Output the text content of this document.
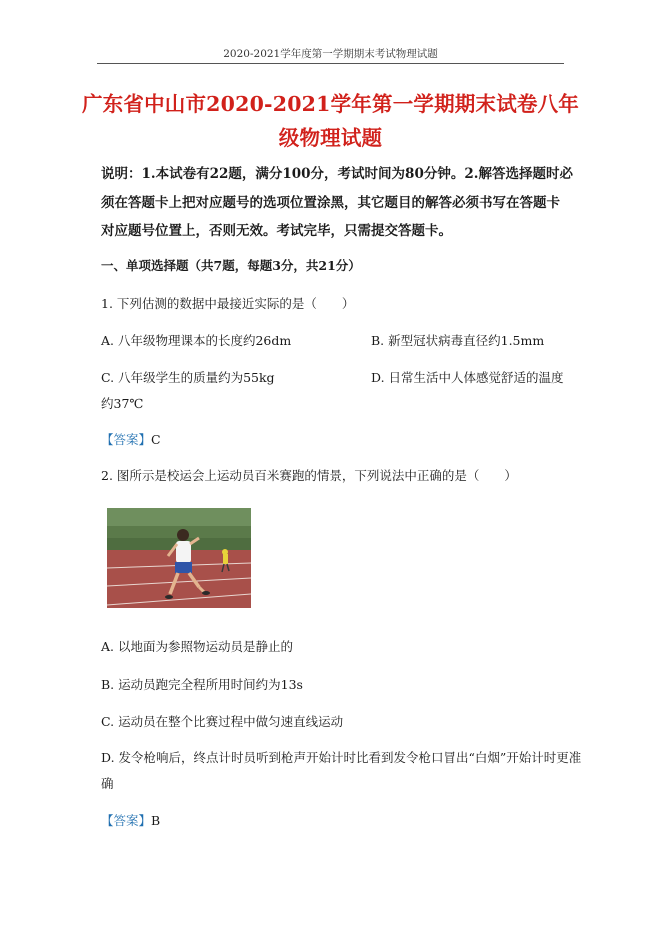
2020-2021学年度第一学期期末考试物理试题
广东省中山市2020-2021学年第一学期期末试卷八年
级物理试题
说明：1.本试卷有22题，满分100分，考试时间为80分钟。2.解答选择题时必
须在答题卡上把对应题号的选项位置涂黑，其它题目的解答必须书写在答题卡
对应题号位置上，否则无效。考试完毕，只需提交答题卡。
一、单项选择题（共7题，每题3分，共21分）
1. 下列估测的数据中最接近实际的是（　　）
A. 八年级物理课本的长度约26dm	B. 新型冠状病毒直径约1.5mm
C. 八年级学生的质量约为55kg	D. 日常生活中人体感觉舒适的温度
约37℃
【答案】C
2. 图所示是校运会上运动员百米赛跑的情景，下列说法中正确的是（　　）
A. 以地面为参照物运动员是静止的
B. 运动员跑完全程所用时间约为13s
C. 运动员在整个比赛过程中做匀速直线运动
D. 发令枪响后，终点计时员听到枪声开始计时比看到发令枪口冒出“白烟”开始计时更准
确
【答案】B
